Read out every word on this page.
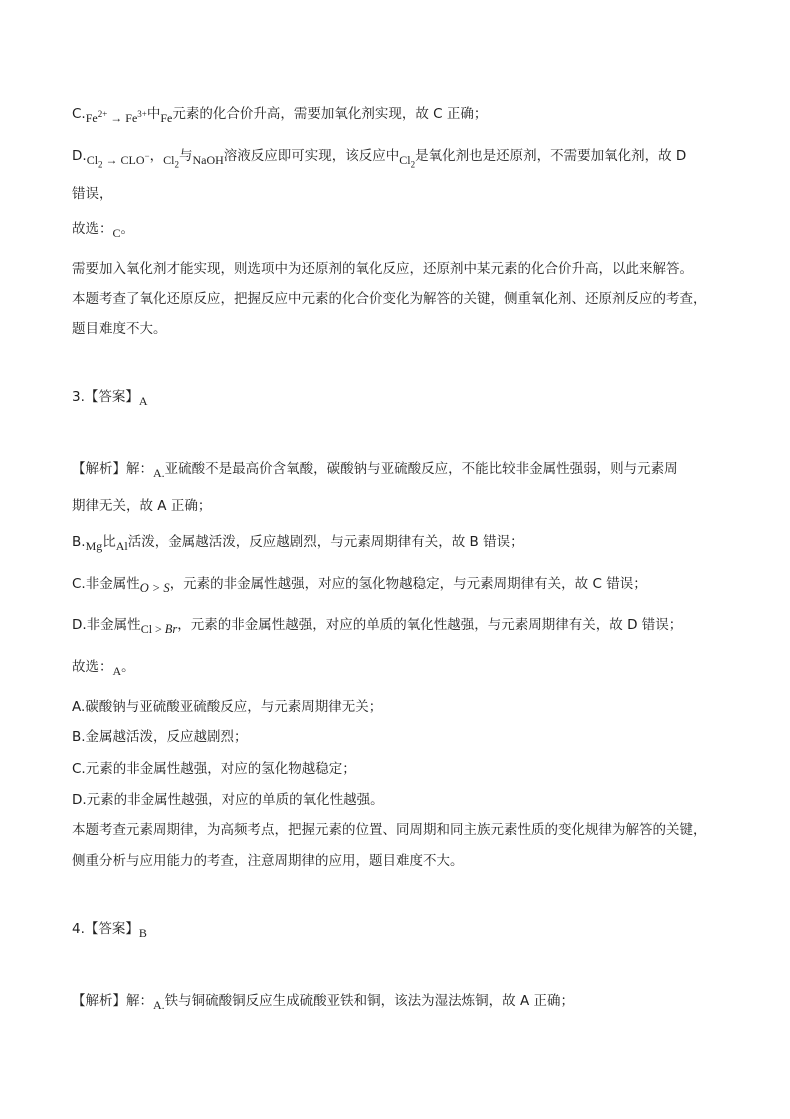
$C.Fe^{2+} \to Fe^{3+}$中Fe元素的化合价升高，需要加氧化剂实现，故 C 正确；
$D.Cl_2 \to CLO^-$，$Cl_2$与NaOH溶液反应即可实现，该反应中$Cl_2$是氧化剂也是还原剂，不需要加氧化剂，故 D
错误，
故选：C。
需要加入氧化剂才能实现，则选项中为还原剂的氧化反应，还原剂中某元素的化合价升高，以此来解答。
本题考查了氧化还原反应，把握反应中元素的化合价变化为解答的关键，侧重氧化剂、还原剂反应的考查，
题目难度不大。
3.【答案】A
【解析】解：A.亚硫酸不是最高价含氧酸，碳酸钠与亚硫酸反应，不能比较非金属性强弱，则与元素周
期律无关，故 A 正确；
B.Mg比Al活泼，金属越活泼，反应越剧烈，与元素周期律有关，故 B 错误；
C.非金属性O > S，元素的非金属性越强，对应的氢化物越稳定，与元素周期律有关，故 C 错误；
D.非金属性Cl > Br，元素的非金属性越强，对应的单质的氧化性越强，与元素周期律有关，故 D 错误；
故选：A。
A.碳酸钠与亚硫酸亚硫酸反应，与元素周期律无关；
B.金属越活泼，反应越剧烈；
C.元素的非金属性越强，对应的氢化物越稳定；
D.元素的非金属性越强，对应的单质的氧化性越强。
本题考查元素周期律，为高频考点，把握元素的位置、同周期和同主族元素性质的变化规律为解答的关键，
侧重分析与应用能力的考查，注意周期律的应用，题目难度不大。
4.【答案】B
【解析】解：A.铁与铜硫酸铜反应生成硫酸亚铁和铜，该法为湿法炼铜，故 A 正确；
